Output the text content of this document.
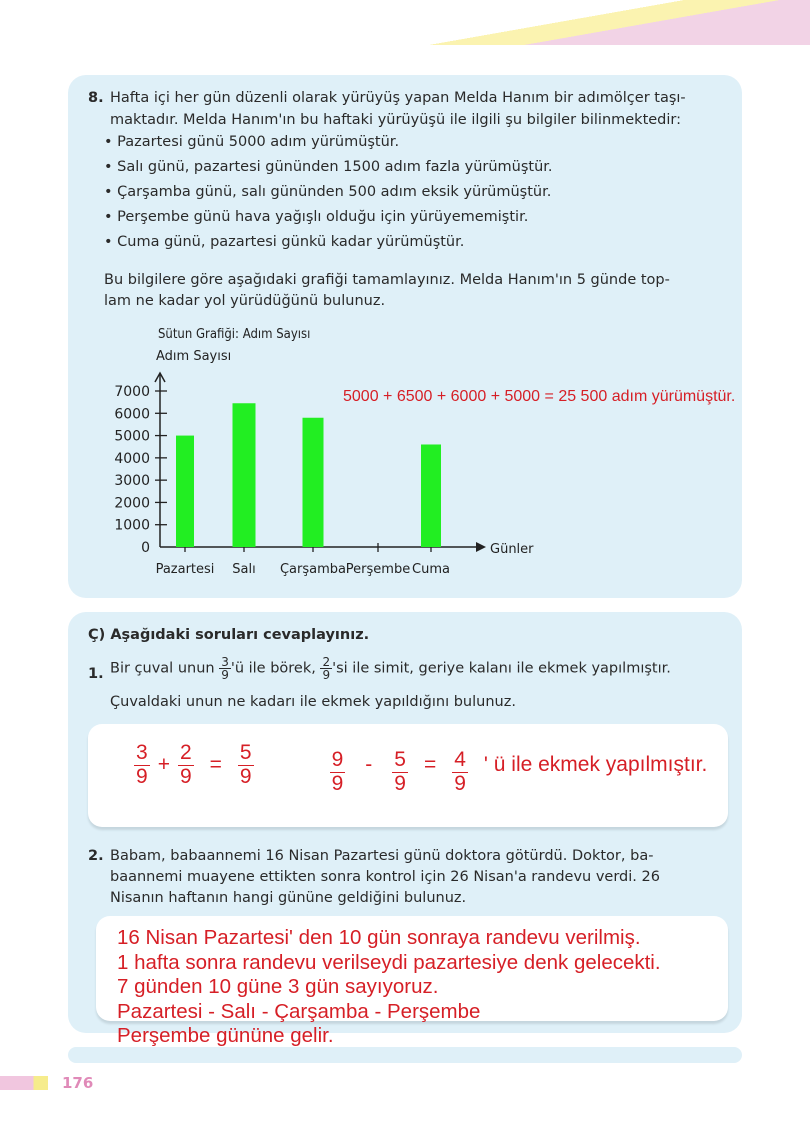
8. Hafta içi her gün düzenli olarak yürüyüş yapan Melda Hanım bir adımölçer taşı-
maktadır. Melda Hanım'ın bu haftaki yürüyüşü ile ilgili şu bilgiler bilinmektedir:
• Pazartesi günü 5000 adım yürümüştür.
• Salı günü, pazartesi gününden 1500 adım fazla yürümüştür.
• Çarşamba günü, salı gününden 500 adım eksik yürümüştür.
• Perşembe günü hava yağışlı olduğu için yürüyememiştir.
• Cuma günü, pazartesi günkü kadar yürümüştür.
Bu bilgilere göre aşağıdaki grafiği tamamlayınız. Melda Hanım'ın 5 günde top-
lam ne kadar yol yürüdüğünü bulunuz.
5000 + 6500 + 6000 + 5000 = 25 500 adım yürümüştür.
Sütun Grafiği: Adım Sayısı
Adım Sayısı
Günler
0
1000
2000
3000
4000
5000
6000
7000
Pazartesi Salı Çarşamba Perşembe Cuma
Ç) Aşağıdaki soruları cevaplayınız.
1. Bir çuval unun $\frac{3}{9}$ 'ü ile börek, $\frac{2}{9}$ 'si ile simit, geriye kalanı ile ekmek yapılmıştır.
Çuvaldaki unun ne kadarı ile ekmek yapıldığını bulunuz.
$\frac{3}{9} + \frac{2}{9} = \frac{5}{9}$	$\frac{9}{9} - \frac{5}{9} = \frac{4}{9}$ ' ü ile ekmek yapılmıştır.
2. Babam, babaannemi 16 Nisan Pazartesi günü doktora götürdü. Doktor, ba-
baannemi muayene ettikten sonra kontrol için 26 Nisan'a randevu verdi. 26
Nisanın haftanın hangi gününe geldiğini bulunuz.
16 Nisan Pazartesi' den 10 gün sonraya randevu verilmiş.
1 hafta sonra randevu verilseydi pazartesiye denk gelecekti.
7 günden 10 güne 3 gün sayıyoruz.
Pazartesi - Salı - Çarşamba - Perşembe
Perşembe gününe gelir.
176
